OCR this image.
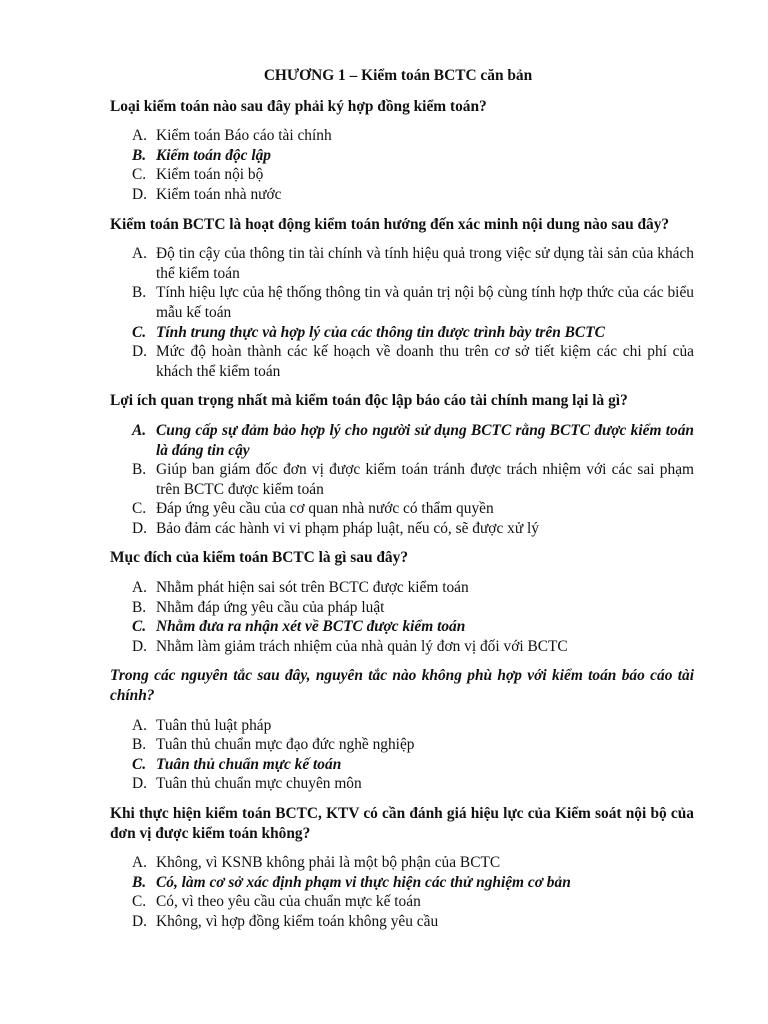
CHƯƠNG 1 – Kiểm toán BCTC căn bản
Loại kiểm toán nào sau đây phải ký hợp đồng kiểm toán?
A. Kiểm toán Báo cáo tài chính
B. Kiểm toán độc lập
C. Kiểm toán nội bộ
D. Kiểm toán nhà nước
Kiểm toán BCTC là hoạt động kiểm toán hướng đến xác minh nội dung nào sau đây?
A. Độ tin cậy của thông tin tài chính và tính hiệu quả trong việc sử dụng tài sản của khách thể kiểm toán
B. Tính hiệu lực của hệ thống thông tin và quản trị nội bộ cùng tính hợp thức của các biểu mẫu kế toán
C. Tính trung thực và hợp lý của các thông tin được trình bày trên BCTC
D. Mức độ hoàn thành các kế hoạch về doanh thu trên cơ sở tiết kiệm các chi phí của khách thể kiểm toán
Lợi ích quan trọng nhất mà kiểm toán độc lập báo cáo tài chính mang lại là gì?
A. Cung cấp sự đảm bảo hợp lý cho người sử dụng BCTC rằng BCTC được kiểm toán là đáng tin cậy
B. Giúp ban giám đốc đơn vị được kiểm toán tránh được trách nhiệm với các sai phạm trên BCTC được kiểm toán
C. Đáp ứng yêu cầu của cơ quan nhà nước có thẩm quyền
D. Bảo đảm các hành vi vi phạm pháp luật, nếu có, sẽ được xử lý
Mục đích của kiểm toán BCTC là gì sau đây?
A. Nhằm phát hiện sai sót trên BCTC được kiểm toán
B. Nhằm đáp ứng yêu cầu của pháp luật
C. Nhằm đưa ra nhận xét về BCTC được kiểm toán
D. Nhằm làm giảm trách nhiệm của nhà quản lý đơn vị đối với BCTC
Trong các nguyên tắc sau đây, nguyên tắc nào không phù hợp với kiểm toán báo cáo tài chính?
A. Tuân thủ luật pháp
B. Tuân thủ chuẩn mực đạo đức nghề nghiệp
C. Tuân thủ chuẩn mực kế toán
D. Tuân thủ chuẩn mực chuyên môn
Khi thực hiện kiểm toán BCTC, KTV có cần đánh giá hiệu lực của Kiểm soát nội bộ của đơn vị được kiểm toán không?
A. Không, vì KSNB không phải là một bộ phận của BCTC
B. Có, làm cơ sở xác định phạm vi thực hiện các thử nghiệm cơ bản
C. Có, vì theo yêu cầu của chuẩn mực kế toán
D. Không, vì hợp đồng kiểm toán không yêu cầu
